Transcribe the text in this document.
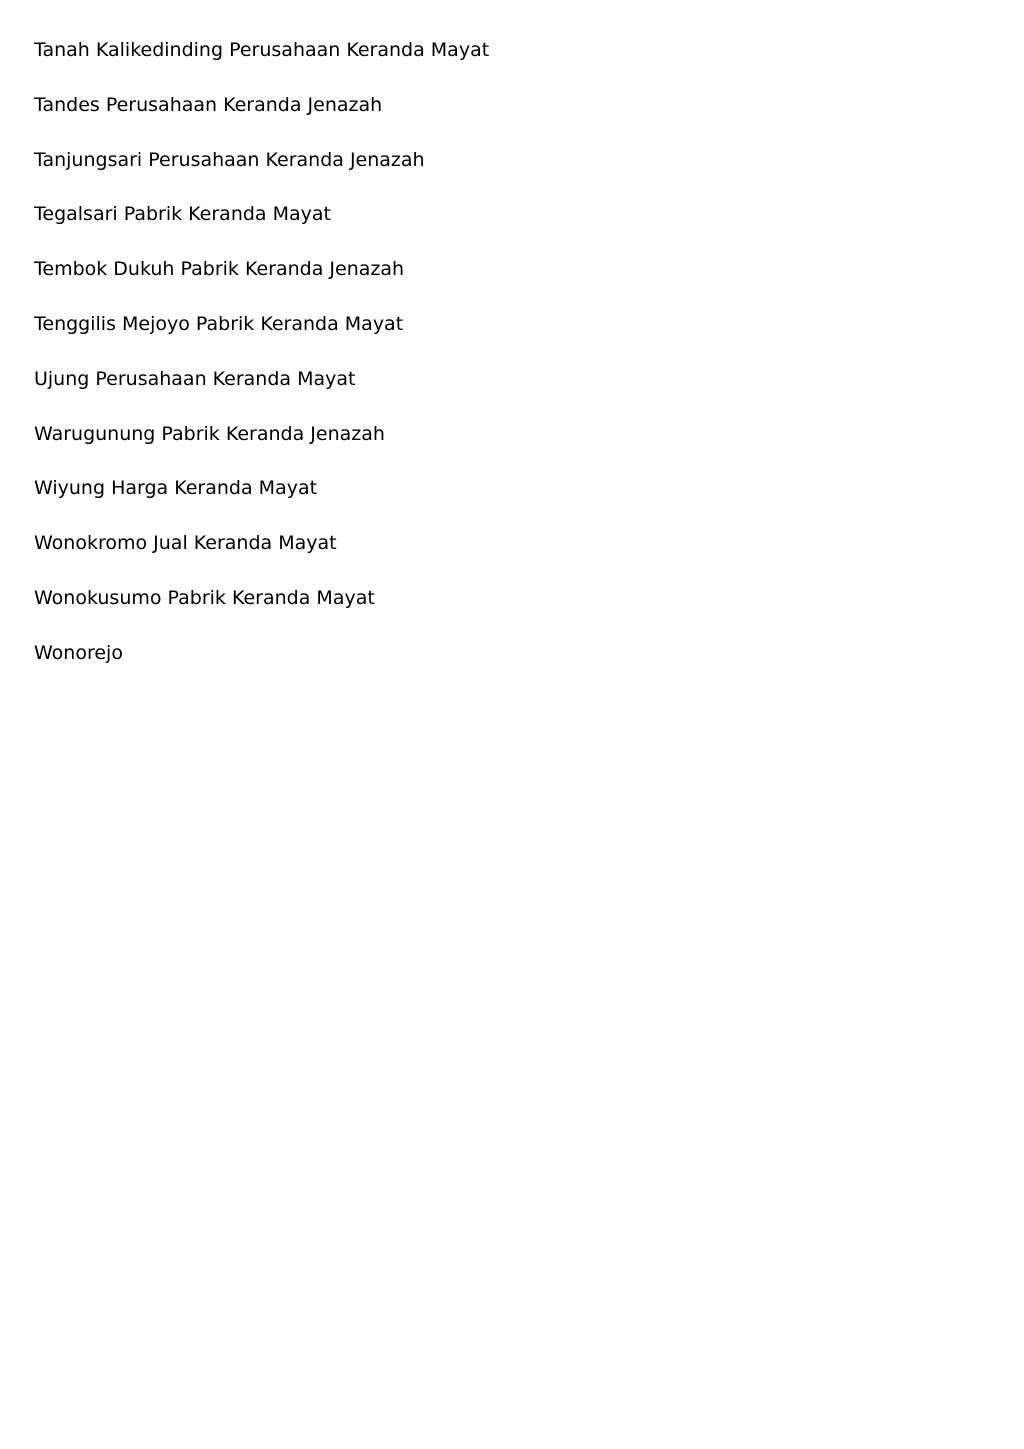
Tanah Kalikedinding Perusahaan Keranda Mayat
Tandes Perusahaan Keranda Jenazah
Tanjungsari Perusahaan Keranda Jenazah
Tegalsari Pabrik Keranda Mayat
Tembok Dukuh Pabrik Keranda Jenazah
Tenggilis Mejoyo Pabrik Keranda Mayat
Ujung Perusahaan Keranda Mayat
Warugunung Pabrik Keranda Jenazah
Wiyung Harga Keranda Mayat
Wonokromo Jual Keranda Mayat
Wonokusumo Pabrik Keranda Mayat
Wonorejo
